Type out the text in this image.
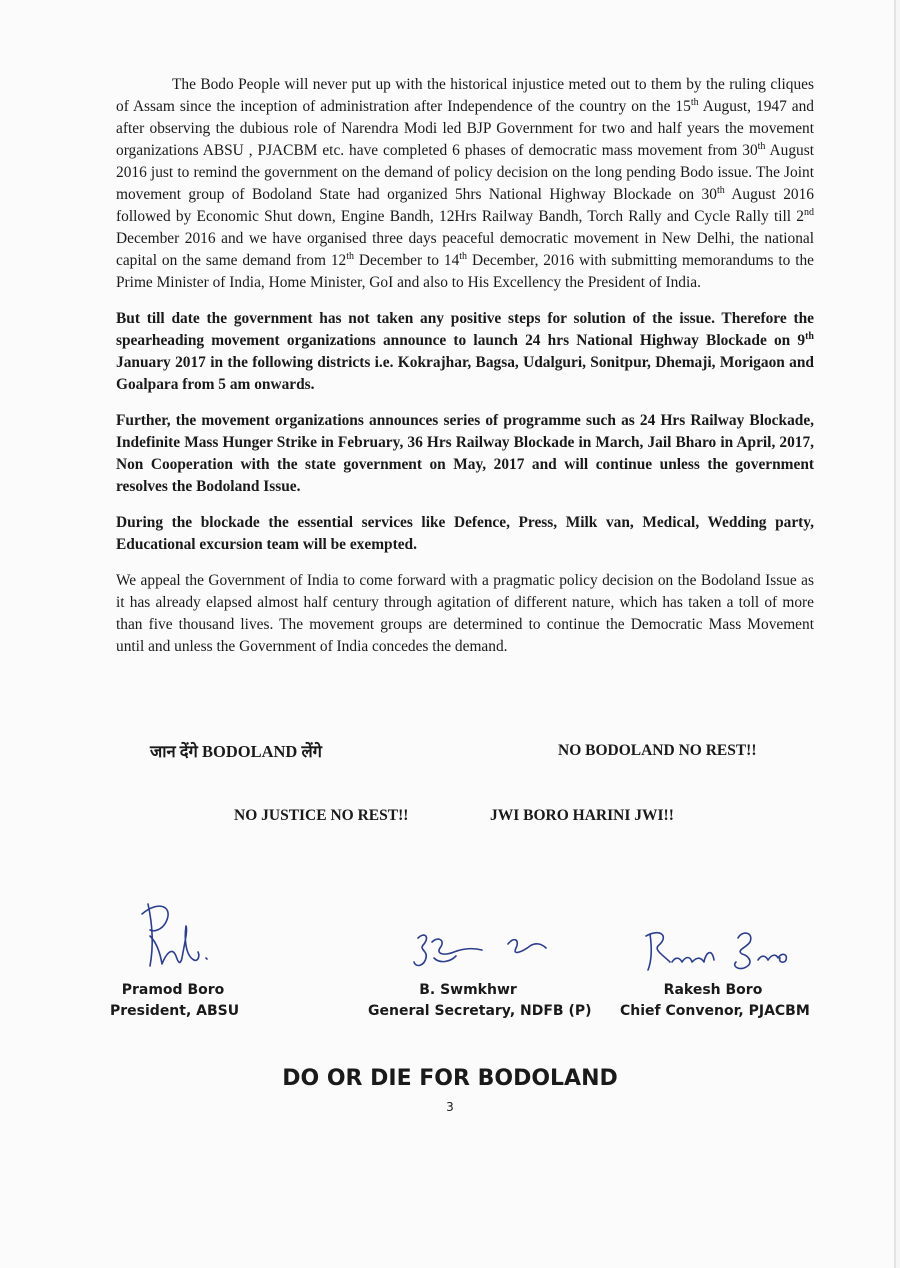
The Bodo People will never put up with the historical injustice meted out to them by the ruling cliques of Assam since the inception of administration after Independence of the country on the 15th August, 1947 and after observing the dubious role of Narendra Modi led BJP Government for two and half years the movement organizations ABSU , PJACBM etc. have completed 6 phases of democratic mass movement from 30th August 2016 just to remind the government on the demand of policy decision on the long pending Bodo issue. The Joint movement group of Bodoland State had organized 5hrs National Highway Blockade on 30th August 2016 followed by Economic Shut down, Engine Bandh, 12Hrs Railway Bandh, Torch Rally and Cycle Rally till 2nd December 2016 and we have organised three days peaceful democratic movement in New Delhi, the national capital on the same demand from 12th December to 14th December, 2016 with submitting memorandums to the Prime Minister of India, Home Minister, GoI and also to His Excellency the President of India.

But till date the government has not taken any positive steps for solution of the issue. Therefore the spearheading movement organizations announce to launch 24 hrs National Highway Blockade on 9th January 2017 in the following districts i.e. Kokrajhar, Bagsa, Udalguri, Sonitpur, Dhemaji, Morigaon and Goalpara from 5 am onwards.

Further, the movement organizations announces series of programme such as 24 Hrs Railway Blockade, Indefinite Mass Hunger Strike in February, 36 Hrs Railway Blockade in March, Jail Bharo in April, 2017, Non Cooperation with the state government on May, 2017 and will continue unless the government resolves the Bodoland Issue.

During the blockade the essential services like Defence, Press, Milk van, Medical, Wedding party, Educational excursion team will be exempted.

We appeal the Government of India to come forward with a pragmatic policy decision on the Bodoland Issue as it has already elapsed almost half century through agitation of different nature, which has taken a toll of more than five thousand lives. The movement groups are determined to continue the Democratic Mass Movement until and unless the Government of India concedes the demand.

जान देंगे BODOLAND लेंगे	NO BODOLAND NO REST!!
NO JUSTICE NO REST!!	JWI BORO HARINI JWI!!
Pramod Boro
President, ABSU
B. Swmkhwr
General Secretary, NDFB (P)
Rakesh Boro
Chief Convenor, PJACBM
DO OR DIE FOR BODOLAND
3
